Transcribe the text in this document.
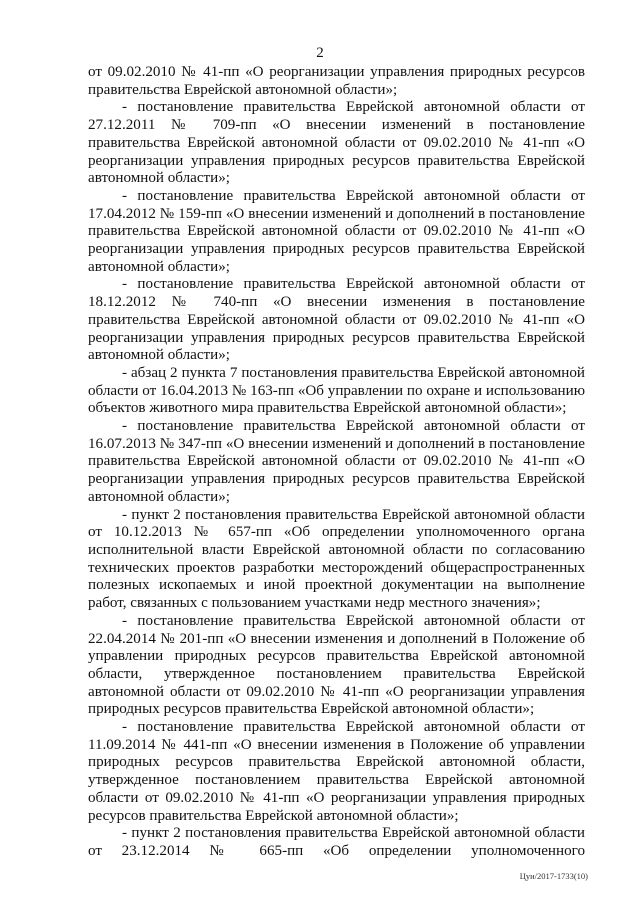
2

от 09.02.2010 № 41-пп «О реорганизации управления природных ресурсов правительства Еврейской автономной области»;

- постановление правительства Еврейской автономной области от 27.12.2011 № 709-пп «О внесении изменений в постановление правительства Еврейской автономной области от 09.02.2010 № 41-пп «О реорганизации управления природных ресурсов правительства Еврейской автономной области»;

- постановление правительства Еврейской автономной области от 17.04.2012 № 159-пп «О внесении изменений и дополнений в постановление правительства Еврейской автономной области от 09.02.2010 № 41-пп «О реорганизации управления природных ресурсов правительства Еврейской автономной области»;

- постановление правительства Еврейской автономной области от 18.12.2012 № 740-пп «О внесении изменения в постановление правительства Еврейской автономной области от 09.02.2010 № 41-пп «О реорганизации управления природных ресурсов правительства Еврейской автономной области»;

- абзац 2 пункта 7 постановления правительства Еврейской автономной области от 16.04.2013 № 163-пп «Об управлении по охране и использованию объектов животного мира правительства Еврейской автономной области»;

- постановление правительства Еврейской автономной области от 16.07.2013 № 347-пп «О внесении изменений и дополнений в постановление правительства Еврейской автономной области от 09.02.2010 № 41-пп «О реорганизации управления природных ресурсов правительства Еврейской автономной области»;

- пункт 2 постановления правительства Еврейской автономной области от 10.12.2013 № 657-пп «Об определении уполномоченного органа исполнительной власти Еврейской автономной области по согласованию технических проектов разработки месторождений общераспространенных полезных ископаемых и иной проектной документации на выполнение работ, связанных с пользованием участками недр местного значения»;

- постановление правительства Еврейской автономной области от 22.04.2014 № 201-пп «О внесении изменения и дополнений в Положение об управлении природных ресурсов правительства Еврейской автономной области, утвержденное постановлением правительства Еврейской автономной области от 09.02.2010 № 41-пп «О реорганизации управления природных ресурсов правительства Еврейской автономной области»;

- постановление правительства Еврейской автономной области от 11.09.2014 № 441-пп «О внесении изменения в Положение об управлении природных ресурсов правительства Еврейской автономной области, утвержденное постановлением правительства Еврейской автономной области от 09.02.2010 № 41-пп «О реорганизации управления природных ресурсов правительства Еврейской автономной области»;

- пункт 2 постановления правительства Еврейской автономной области от 23.12.2014 № 665-пп «Об определении уполномоченного

Цуи/2017-1733(10)
